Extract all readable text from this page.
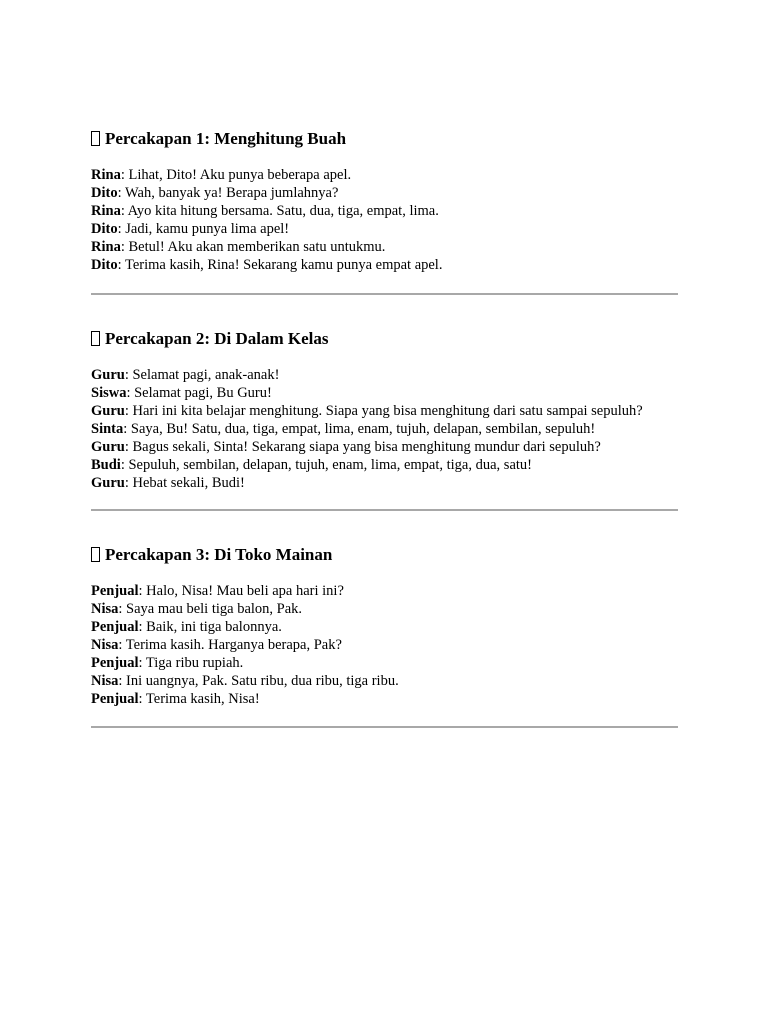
Percakapan 1: Menghitung Buah

Rina: Lihat, Dito! Aku punya beberapa apel.
Dito: Wah, banyak ya! Berapa jumlahnya?
Rina: Ayo kita hitung bersama. Satu, dua, tiga, empat, lima.
Dito: Jadi, kamu punya lima apel!
Rina: Betul! Aku akan memberikan satu untukmu.
Dito: Terima kasih, Rina! Sekarang kamu punya empat apel.

Percakapan 2: Di Dalam Kelas

Guru: Selamat pagi, anak-anak!
Siswa: Selamat pagi, Bu Guru!
Guru: Hari ini kita belajar menghitung. Siapa yang bisa menghitung dari satu sampai sepuluh?
Sinta: Saya, Bu! Satu, dua, tiga, empat, lima, enam, tujuh, delapan, sembilan, sepuluh!
Guru: Bagus sekali, Sinta! Sekarang siapa yang bisa menghitung mundur dari sepuluh?
Budi: Sepuluh, sembilan, delapan, tujuh, enam, lima, empat, tiga, dua, satu!
Guru: Hebat sekali, Budi!

Percakapan 3: Di Toko Mainan

Penjual: Halo, Nisa! Mau beli apa hari ini?
Nisa: Saya mau beli tiga balon, Pak.
Penjual: Baik, ini tiga balonnya.
Nisa: Terima kasih. Harganya berapa, Pak?
Penjual: Tiga ribu rupiah.
Nisa: Ini uangnya, Pak. Satu ribu, dua ribu, tiga ribu.
Penjual: Terima kasih, Nisa!
